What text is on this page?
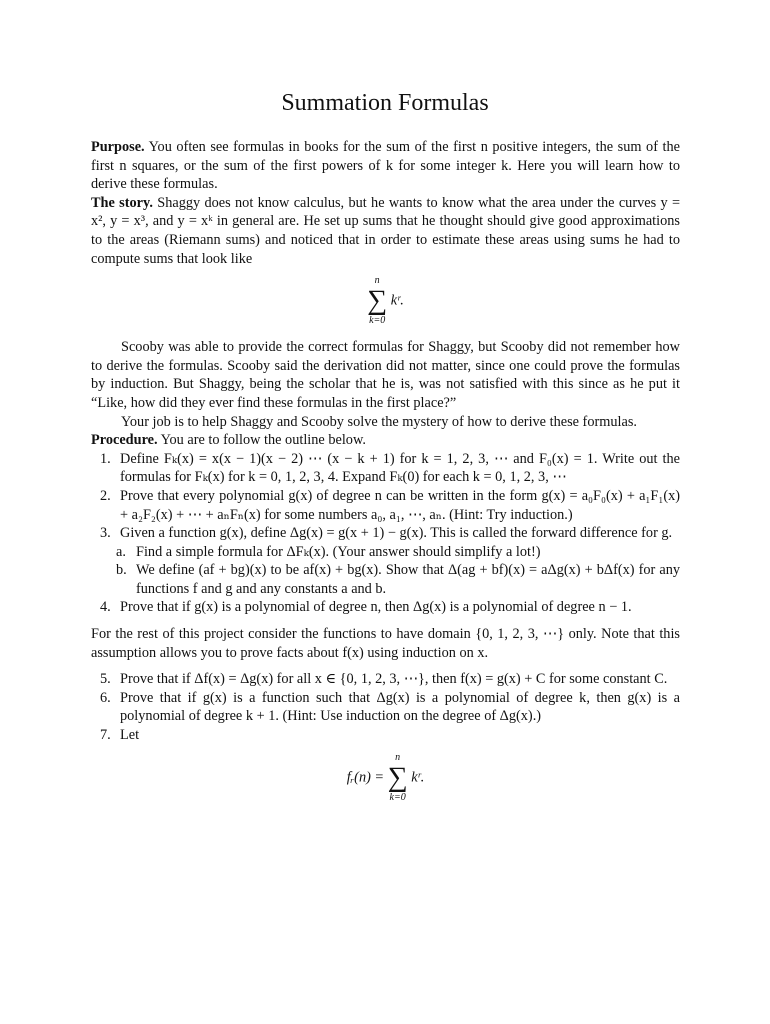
Summation Formulas

Purpose. You often see formulas in books for the sum of the first n positive integers, the sum of the first n squares, or the sum of the first powers of k for some integer k. Here you will learn how to derive these formulas.

The story. Shaggy does not know calculus, but he wants to know what the area under the curves y = x², y = x³, and y = xᵏ in general are. He set up sums that he thought should give good approximations to the areas (Riemann sums) and noticed that in order to estimate these areas using sums he had to compute sums that look like

n
∑
k=0
kʳ.

Scooby was able to provide the correct formulas for Shaggy, but Scooby did not remember how to derive the formulas. Scooby said the derivation did not matter, since one could prove the formulas by induction. But Shaggy, being the scholar that he is, was not satisfied with this since as he put it “Like, how did they ever find these formulas in the first place?”

Your job is to help Shaggy and Scooby solve the mystery of how to derive these formulas.

Procedure. You are to follow the outline below.

1. Define Fₖ(x) = x(x − 1)(x − 2) ⋯ (x − k + 1) for k = 1, 2, 3, ⋯ and F₀(x) = 1. Write out the formulas for Fₖ(x) for k = 0, 1, 2, 3, 4. Expand Fₖ(0) for each k = 0, 1, 2, 3, ⋯
2. Prove that every polynomial g(x) of degree n can be written in the form g(x) = a₀F₀(x) + a₁F₁(x) + a₂F₂(x) + ⋯ + aₙFₙ(x) for some numbers a₀, a₁, ⋯, aₙ. (Hint: Try induction.)
3. Given a function g(x), define Δg(x) = g(x + 1) − g(x). This is called the forward difference for g.
a. Find a simple formula for ΔFₖ(x). (Your answer should simplify a lot!)
b. We define (af + bg)(x) to be af(x) + bg(x). Show that Δ(ag + bf)(x) = aΔg(x) + bΔf(x) for any functions f and g and any constants a and b.
4. Prove that if g(x) is a polynomial of degree n, then Δg(x) is a polynomial of degree n − 1.

For the rest of this project consider the functions to have domain {0, 1, 2, 3, ⋯} only. Note that this assumption allows you to prove facts about f(x) using induction on x.

5. Prove that if Δf(x) = Δg(x) for all x ∈ {0, 1, 2, 3, ⋯}, then f(x) = g(x) + C for some constant C.
6. Prove that if g(x) is a function such that Δg(x) is a polynomial of degree k, then g(x) is a polynomial of degree k + 1. (Hint: Use induction on the degree of Δg(x).)
7. Let
fᵣ(n) =
n
∑
k=0
kʳ.
